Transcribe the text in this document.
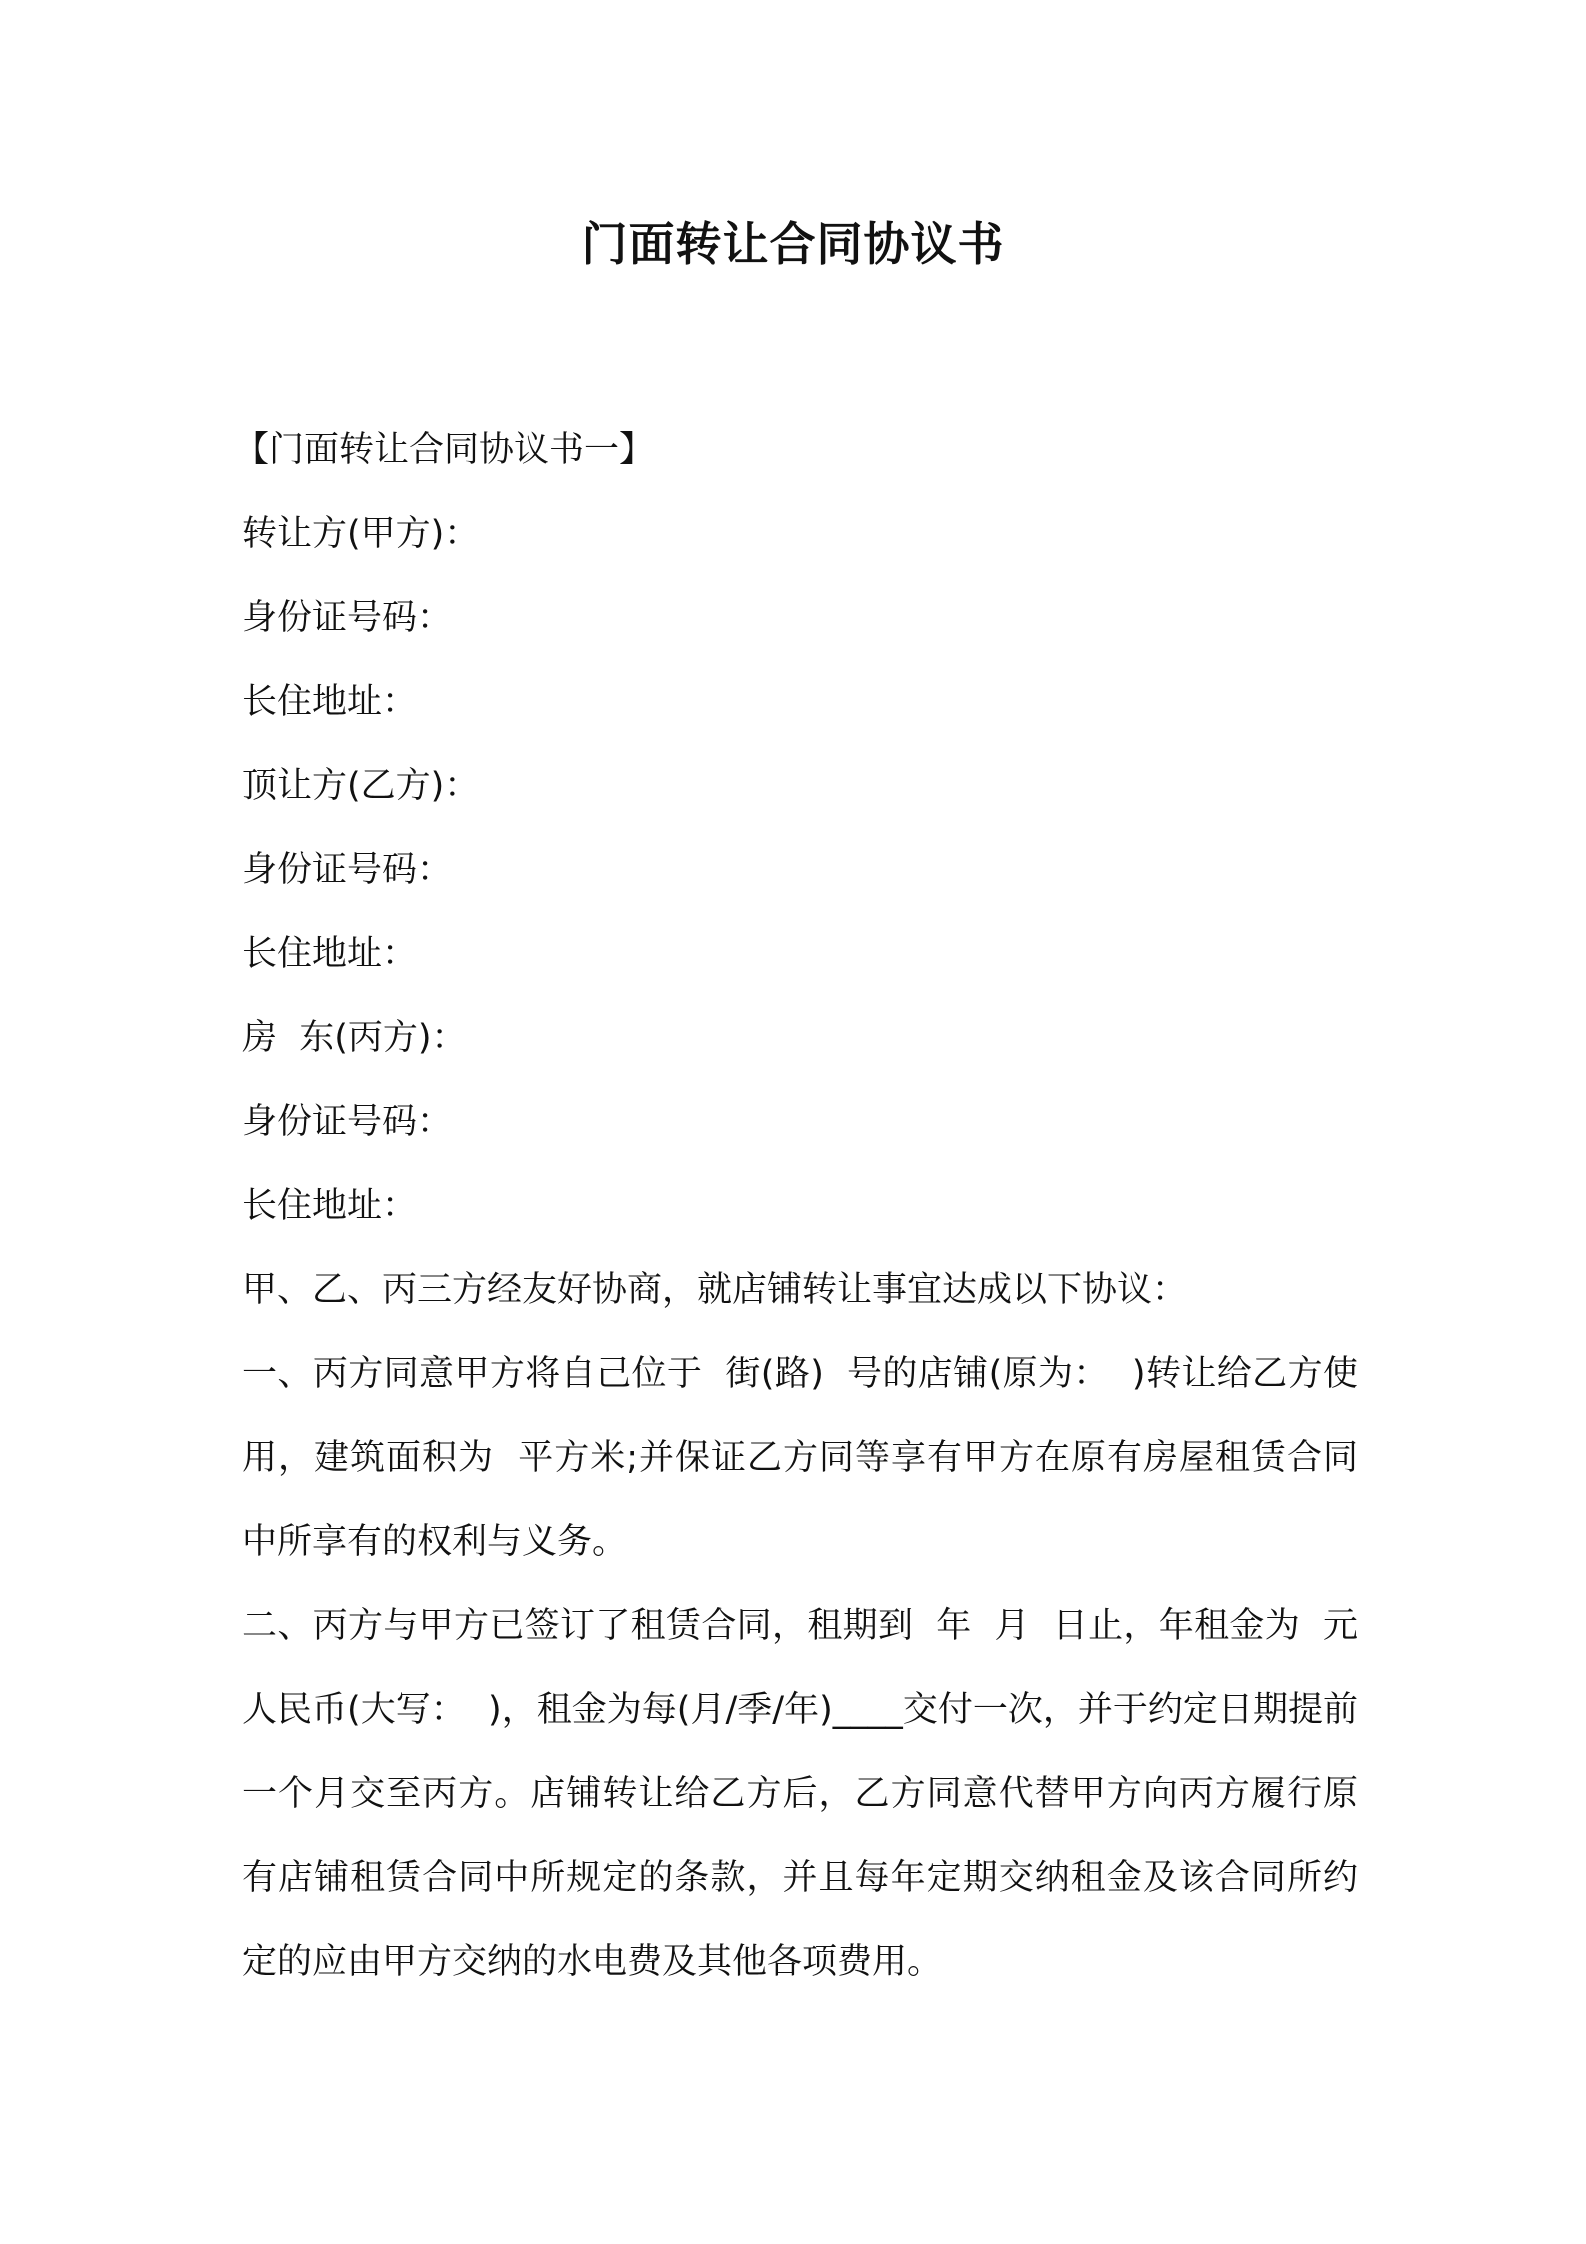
门面转让合同协议书
【门面转让合同协议书一】
转让方(甲方)：
身份证号码：
长住地址：
顶让方(乙方)：
身份证号码：
长住地址：
房  东(丙方)：
身份证号码：
长住地址：
甲、乙、丙三方经友好协商，就店铺转让事宜达成以下协议：
一、丙方同意甲方将自己位于  街(路)  号的店铺(原为：  )转让给乙方使用，建筑面积为  平方米;并保证乙方同等享有甲方在原有房屋租赁合同中所享有的权利与义务。
二、丙方与甲方已签订了租赁合同，租期到  年  月  日止，年租金为  元人民币(大写：  )，租金为每(月/季/年)____交付一次，并于约定日期提前一个月交至丙方。店铺转让给乙方后，乙方同意代替甲方向丙方履行原有店铺租赁合同中所规定的条款，并且每年定期交纳租金及该合同所约定的应由甲方交纳的水电费及其他各项费用。
